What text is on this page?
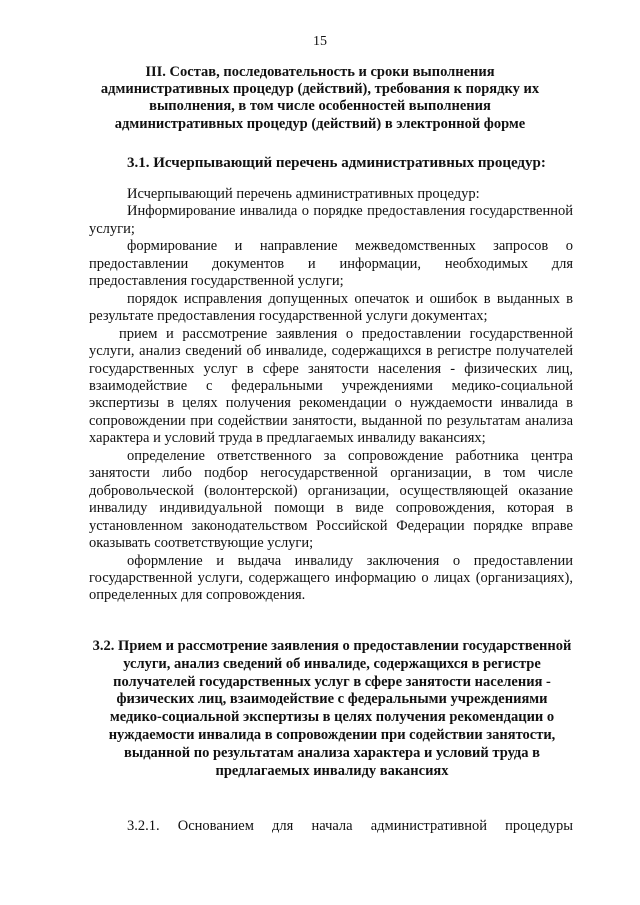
15
III. Состав, последовательность и сроки выполнения административных процедур (действий), требования к порядку их выполнения, в том числе особенностей выполнения административных процедур (действий) в электронной форме
3.1. Исчерпывающий перечень административных процедур:

Исчерпывающий перечень административных процедур:

Информирование инвалида о порядке предоставления государственной услуги;

формирование и направление межведомственных запросов о предоставлении документов и информации, необходимых для предоставления государственной услуги;

порядок исправления допущенных опечаток и ошибок в выданных в результате предоставления государственной услуги документах;

прием и рассмотрение заявления о предоставлении государственной услуги, анализ сведений об инвалиде, содержащихся в регистре получателей государственных услуг в сфере занятости населения - физических лиц, взаимодействие с федеральными учреждениями медико-социальной экспертизы в целях получения рекомендации о нуждаемости инвалида в сопровождении при содействии занятости, выданной по результатам анализа характера и условий труда в предлагаемых инвалиду вакансиях;

определение ответственного за сопровождение работника центра занятости либо подбор негосударственной организации, в том числе добровольческой (волонтерской) организации, осуществляющей оказание инвалиду индивидуальной помощи в виде сопровождения, которая в установленном законодательством Российской Федерации порядке вправе оказывать соответствующие услуги;

оформление и выдача инвалиду заключения о предоставлении государственной услуги, содержащего информацию о лицах (организациях), определенных для сопровождения.

3.2. Прием и рассмотрение заявления о предоставлении государственной услуги, анализ сведений об инвалиде, содержащихся в регистре получателей государственных услуг в сфере занятости населения - физических лиц, взаимодействие с федеральными учреждениями медико-социальной экспертизы в целях получения рекомендации о нуждаемости инвалида в сопровождении при содействии занятости, выданной по результатам анализа характера и условий труда в предлагаемых инвалиду вакансиях
3.2.1. Основанием для начала административной процедуры
